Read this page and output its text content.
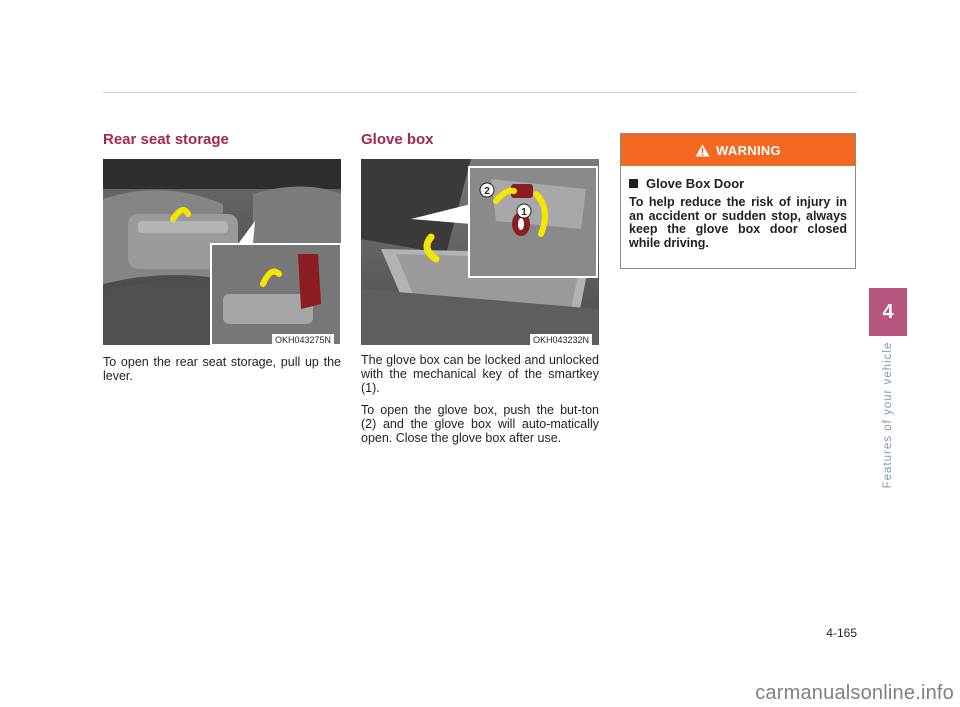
Rear seat storage
OKH043275N

To open the rear seat storage, pull up the lever.

Glove box
2
1
OKH043232N

The glove box can be locked and unlocked with the mechanical key of the smartkey (1).

To open the glove box, push the but-ton (2) and the glove box will auto-matically open. Close the glove box after use.

WARNING
Glove Box Door
To help reduce the risk of injury in an accident or sudden stop, always keep the glove box door closed while driving.
4
Features of your vehicle
4-165
carmanualsonline.info
